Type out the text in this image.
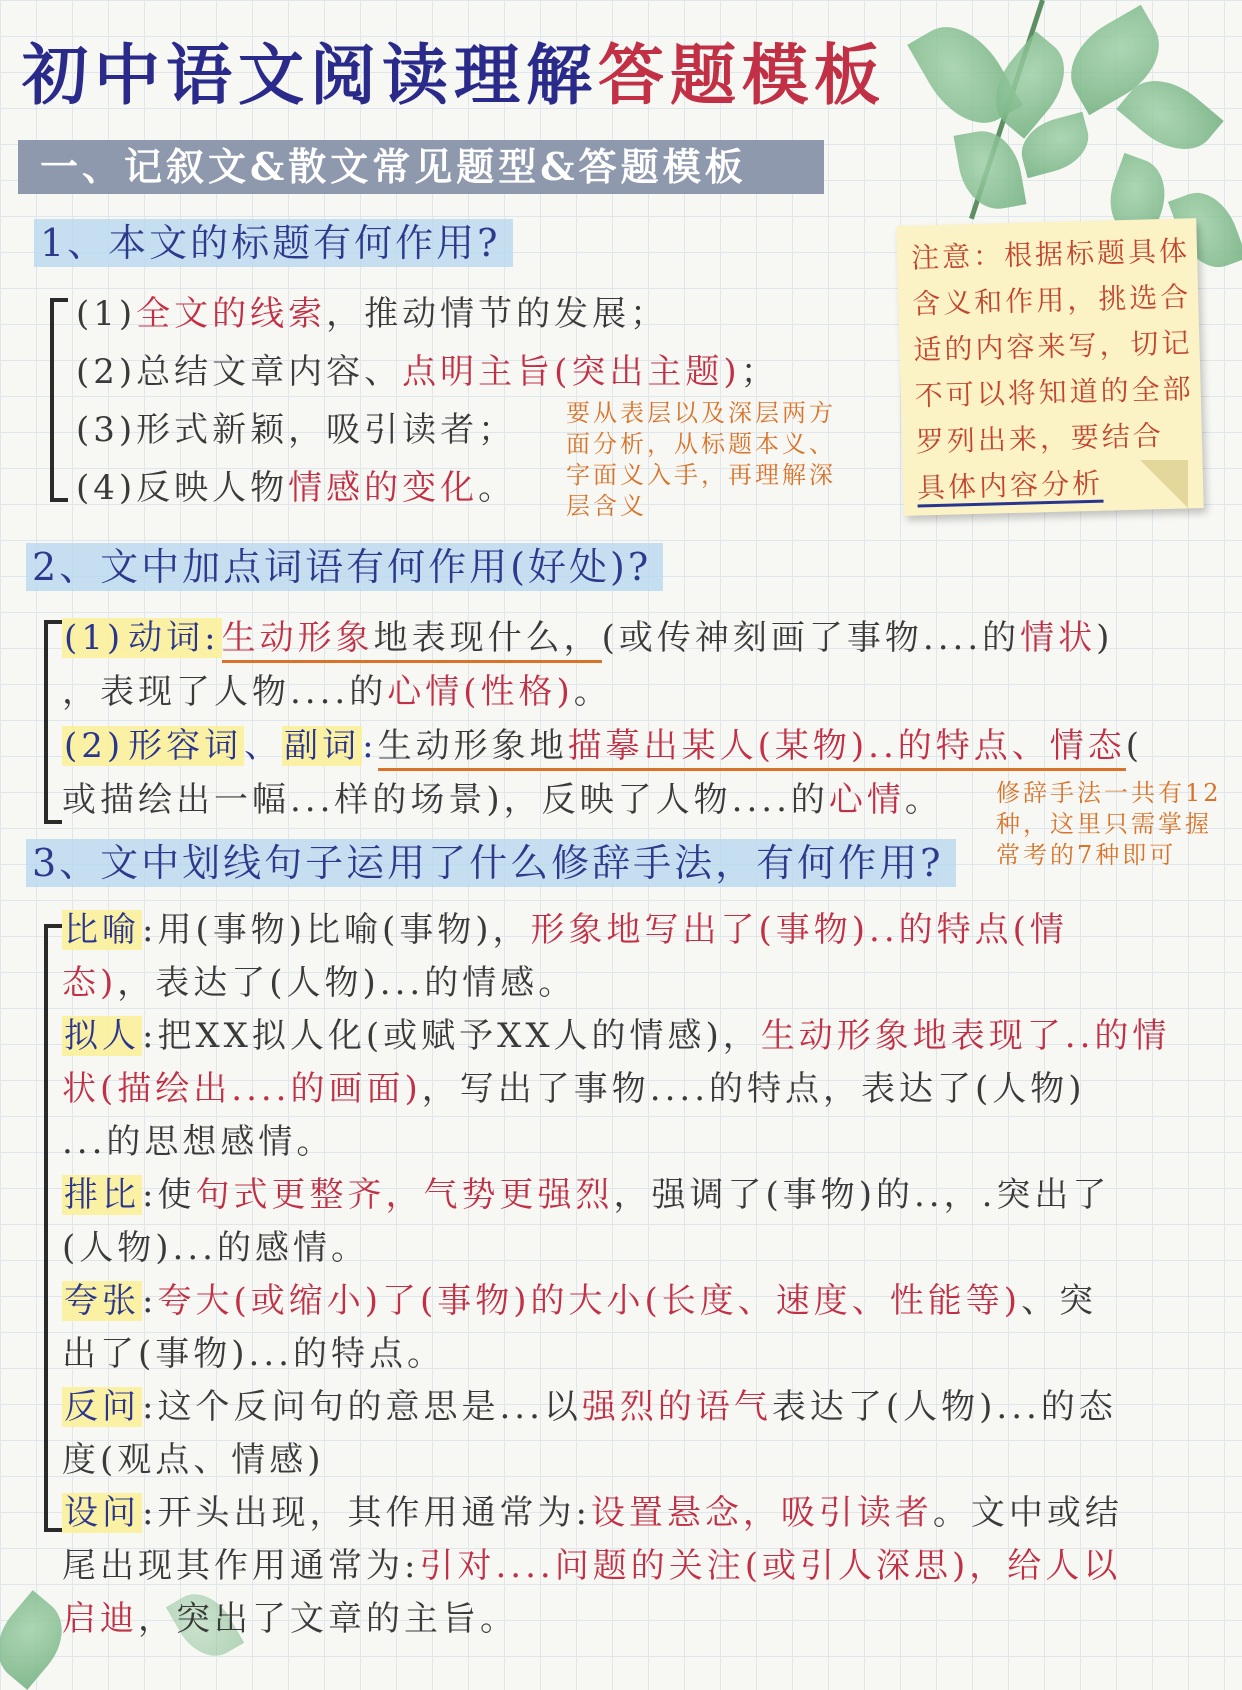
初中语文阅读理解答题模板
一、记叙文&散文常见题型&答题模板
1、本文的标题有何作用?
(1)全文的线索，推动情节的发展；
(2)总结文章内容、点明主旨(突出主题)；
(3)形式新颖，吸引读者；
(4)反映人物情感的变化。
要从表层以及深层两方
面分析，从标题本义、
字面义入手，再理解深
层含义
注意：根据标题具体
含义和作用，挑选合
适的内容来写，切记
不可以将知道的全部
罗列出来，要结合
具体内容分析
2、文中加点词语有何作用(好处)?
(1) 动词:生动形象地表现什么，(或传神刻画了事物....的情状)
，表现了人物....的心情(性格)。
(2) 形容词、副词:生动形象地描摹出某人(某物)..的特点、情态(
或描绘出一幅...样的场景)，反映了人物....的心情。 修辞手法一共有12
种，这里只需掌握
常考的7种即可
3、文中划线句子运用了什么修辞手法，有何作用?
比喻:用(事物)比喻(事物)，形象地写出了(事物)..的特点(情
态)，表达了(人物)...的情感。
拟人:把XX拟人化(或赋予XX人的情感)，生动形象地表现了..的情
状(描绘出....的画面)，写出了事物....的特点，表达了(人物)
...的思想感情。
排比:使句式更整齐，气势更强烈，强调了(事物)的..，.突出了
(人物)...的感情。
夸张:夸大(或缩小)了(事物)的大小(长度、速度、性能等)、突
出了(事物)...的特点。
反问:这个反问句的意思是...以强烈的语气表达了(人物)...的态
度(观点、情感)
设问:开头出现，其作用通常为:设置悬念，吸引读者。文中或结
尾出现其作用通常为:引对....问题的关注(或引人深思)，给人以
启迪，突出了文章的主旨。
